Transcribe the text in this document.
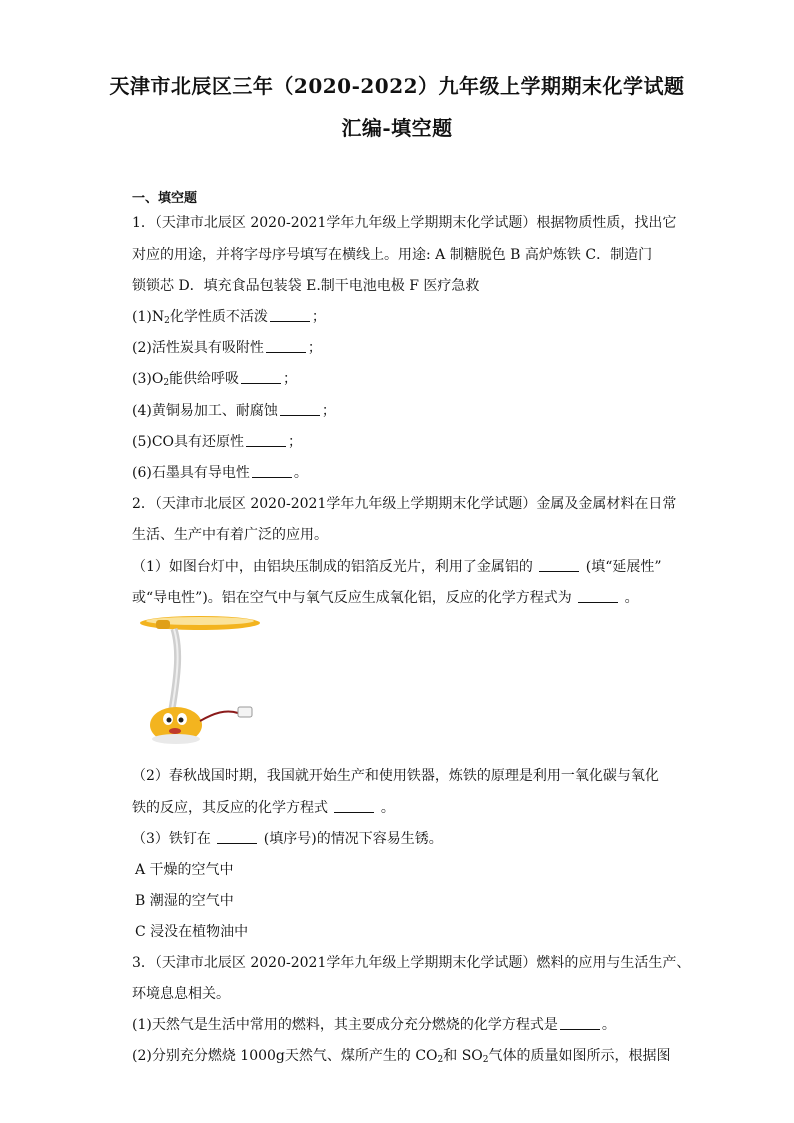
天津市北辰区三年（2020-2022）九年级上学期期末化学试题
汇编-填空题
一、填空题
1．（天津市北辰区 2020-2021学年九年级上学期期末化学试题）根据物质性质，找出它
对应的用途，并将字母序号填写在横线上。用途: A 制糖脱色 B 高炉炼铁 C．制造门
锁锁芯 D．填充食品包装袋 E.制干电池电极 F 医疗急救
$(1)N_2$化学性质不活泼	；
(2)活性炭具有吸附性	；
$(3)O_2$能供给呼吸	；
(4)黄铜易加工、耐腐蚀	；
(5)CO具有还原性	；
(6)石墨具有导电性	。
2．（天津市北辰区 2020-2021学年九年级上学期期末化学试题）金属及金属材料在日常
生活、生产中有着广泛的应用。
（1）如图台灯中，由铝块压制成的铝箔反光片，利用了金属铝的	(填“延展性”
或“导电性”)。铝在空气中与氧气反应生成氧化铝，反应的化学方程式为	。
（2）春秋战国时期，我国就开始生产和使用铁器，炼铁的原理是利用一氧化碳与氧化
铁的反应，其反应的化学方程式	。
（3）铁钉在	(填序号)的情况下容易生锈。
A 干燥的空气中
B 潮湿的空气中
C 浸没在植物油中
3．（天津市北辰区 2020-2021学年九年级上学期期末化学试题）燃料的应用与生活生产、
环境息息相关。
(1)天然气是生活中常用的燃料，其主要成分充分燃烧的化学方程式是	。
(2)分别充分燃烧 1000g天然气、煤所产生的 $CO_2$和 $SO_2$气体的质量如图所示，根据图
